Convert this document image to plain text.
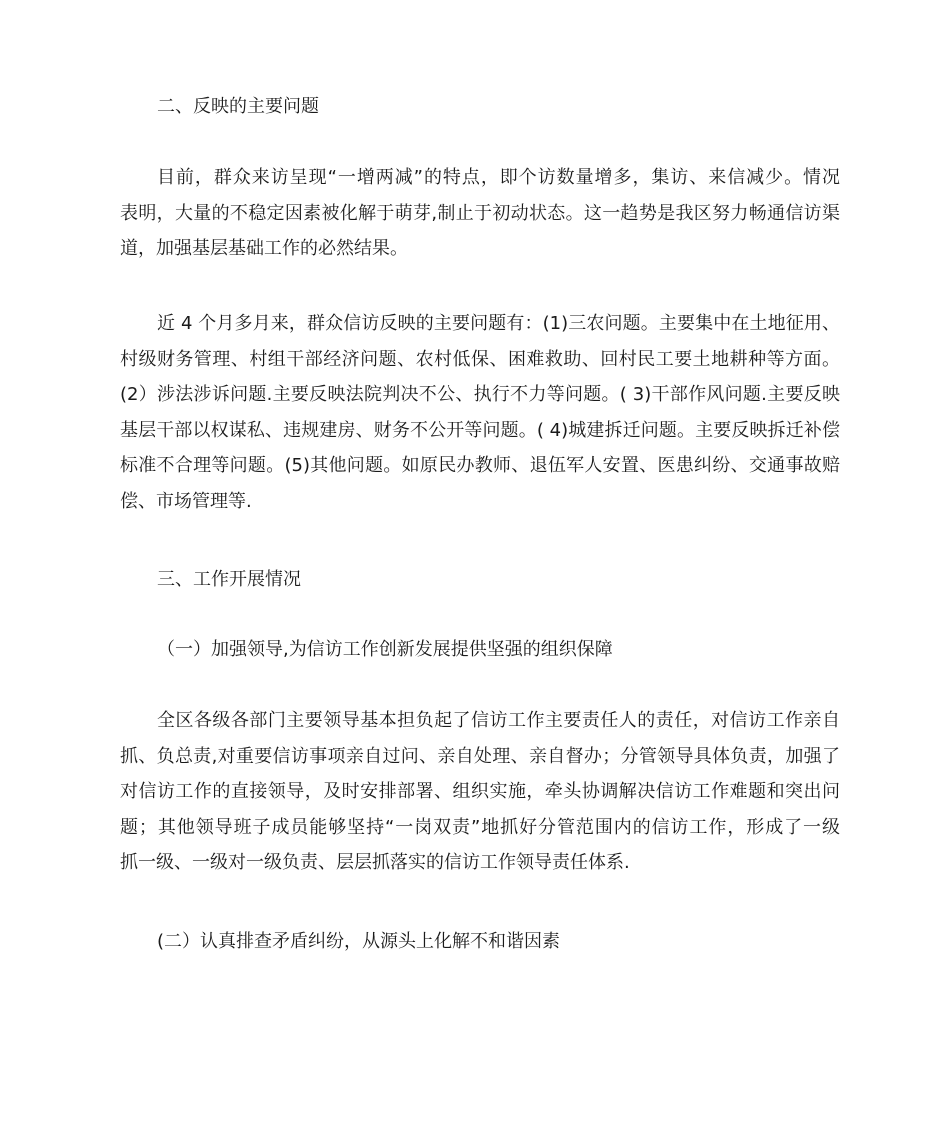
二、反映的主要问题

目前，群众来访呈现“一增两减”的特点，即个访数量增多，集访、来信减少。情况
表明，大量的不稳定因素被化解于萌芽,制止于初动状态。这一趋势是我区努力畅通信访渠
道，加强基层基础工作的必然结果。

近 4 个月多月来，群众信访反映的主要问题有：(1)三农问题。主要集中在土地征用、
村级财务管理、村组干部经济问题、农村低保、困难救助、回村民工要土地耕种等方面。
(2）涉法涉诉问题.主要反映法院判决不公、执行不力等问题。( 3)干部作风问题.主要反映
基层干部以权谋私、违规建房、财务不公开等问题。( 4)城建拆迁问题。主要反映拆迁补偿
标准不合理等问题。(5)其他问题。如原民办教师、退伍军人安置、医患纠纷、交通事故赔
偿、市场管理等.

三、工作开展情况

（一）加强领导,为信访工作创新发展提供坚强的组织保障

全区各级各部门主要领导基本担负起了信访工作主要责任人的责任，对信访工作亲自
抓、负总责,对重要信访事项亲自过问、亲自处理、亲自督办；分管领导具体负责，加强了
对信访工作的直接领导，及时安排部署、组织实施，牵头协调解决信访工作难题和突出问
题；其他领导班子成员能够坚持“一岗双责”地抓好分管范围内的信访工作，形成了一级
抓一级、一级对一级负责、层层抓落实的信访工作领导责任体系.

(二）认真排查矛盾纠纷，从源头上化解不和谐因素
